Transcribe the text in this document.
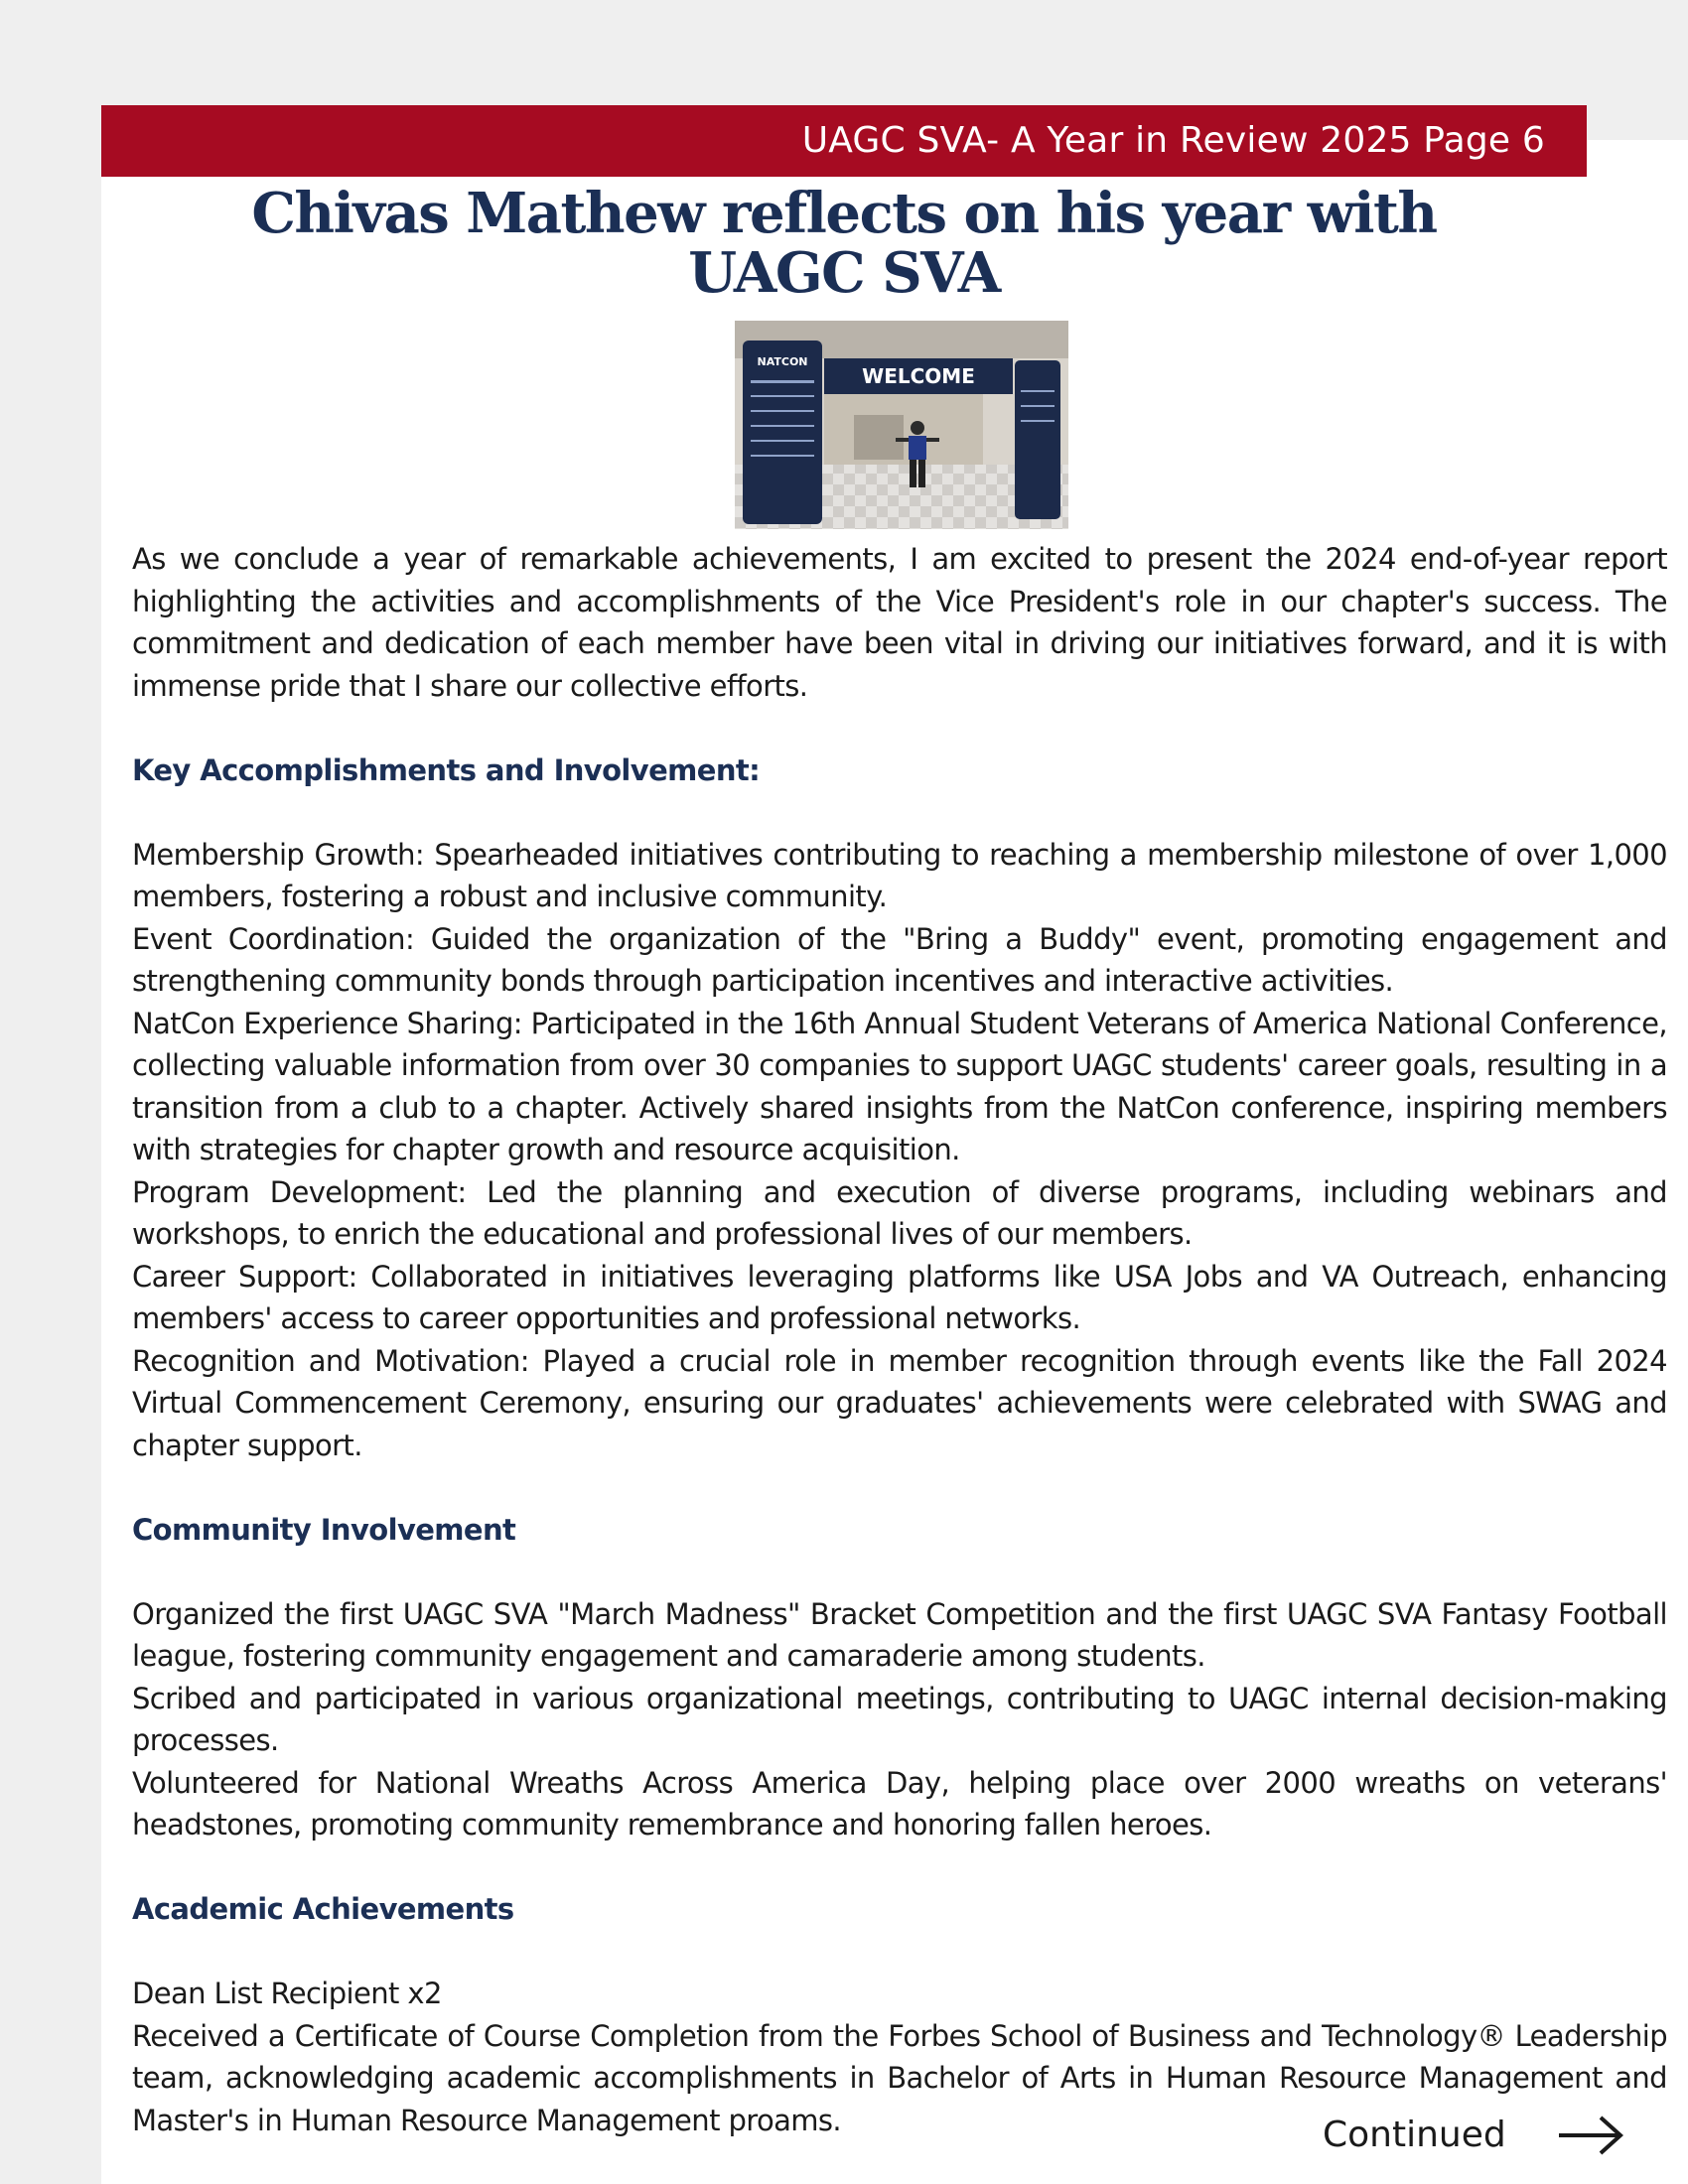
UAGC SVA- A Year in Review 2025 Page 6
Chivas Mathew reflects on his year with
UAGC SVA
WELCOME
NATCON

As we conclude a year of remarkable achievements, I am excited to present the 2024 end-of-year report highlighting the activities and accomplishments of the Vice President's role in our chapter's success. The commitment and dedication of each member have been vital in driving our initiatives forward, and it is with immense pride that I share our collective efforts.

Key Accomplishments and Involvement:

Membership Growth: Spearheaded initiatives contributing to reaching a membership milestone of over 1,000 members, fostering a robust and inclusive community.

Event Coordination: Guided the organization of the "Bring a Buddy" event, promoting engagement and strengthening community bonds through participation incentives and interactive activities.

NatCon Experience Sharing: Participated in the 16th Annual Student Veterans of America National Conference, collecting valuable information from over 30 companies to support UAGC students' career goals, resulting in a transition from a club to a chapter. Actively shared insights from the NatCon conference, inspiring members with strategies for chapter growth and resource acquisition.

Program Development: Led the planning and execution of diverse programs, including webinars and workshops, to enrich the educational and professional lives of our members.

Career Support: Collaborated in initiatives leveraging platforms like USA Jobs and VA Outreach, enhancing members' access to career opportunities and professional networks.

Recognition and Motivation: Played a crucial role in member recognition through events like the Fall 2024 Virtual Commencement Ceremony, ensuring our graduates' achievements were celebrated with SWAG and chapter support.

Community Involvement

Organized the first UAGC SVA "March Madness" Bracket Competition and the first UAGC SVA Fantasy Football league, fostering community engagement and camaraderie among students.

Scribed and participated in various organizational meetings, contributing to UAGC internal decision-making processes.

Volunteered for National Wreaths Across America Day, helping place over 2000 wreaths on veterans' headstones, promoting community remembrance and honoring fallen heroes.

Academic Achievements

Dean List Recipient x2

Received a Certificate of Course Completion from the Forbes School of Business and Technology® Leadership team, acknowledging academic accomplishments in Bachelor of Arts in Human Resource Management and Master's in Human Resource Management proams.	Continued
